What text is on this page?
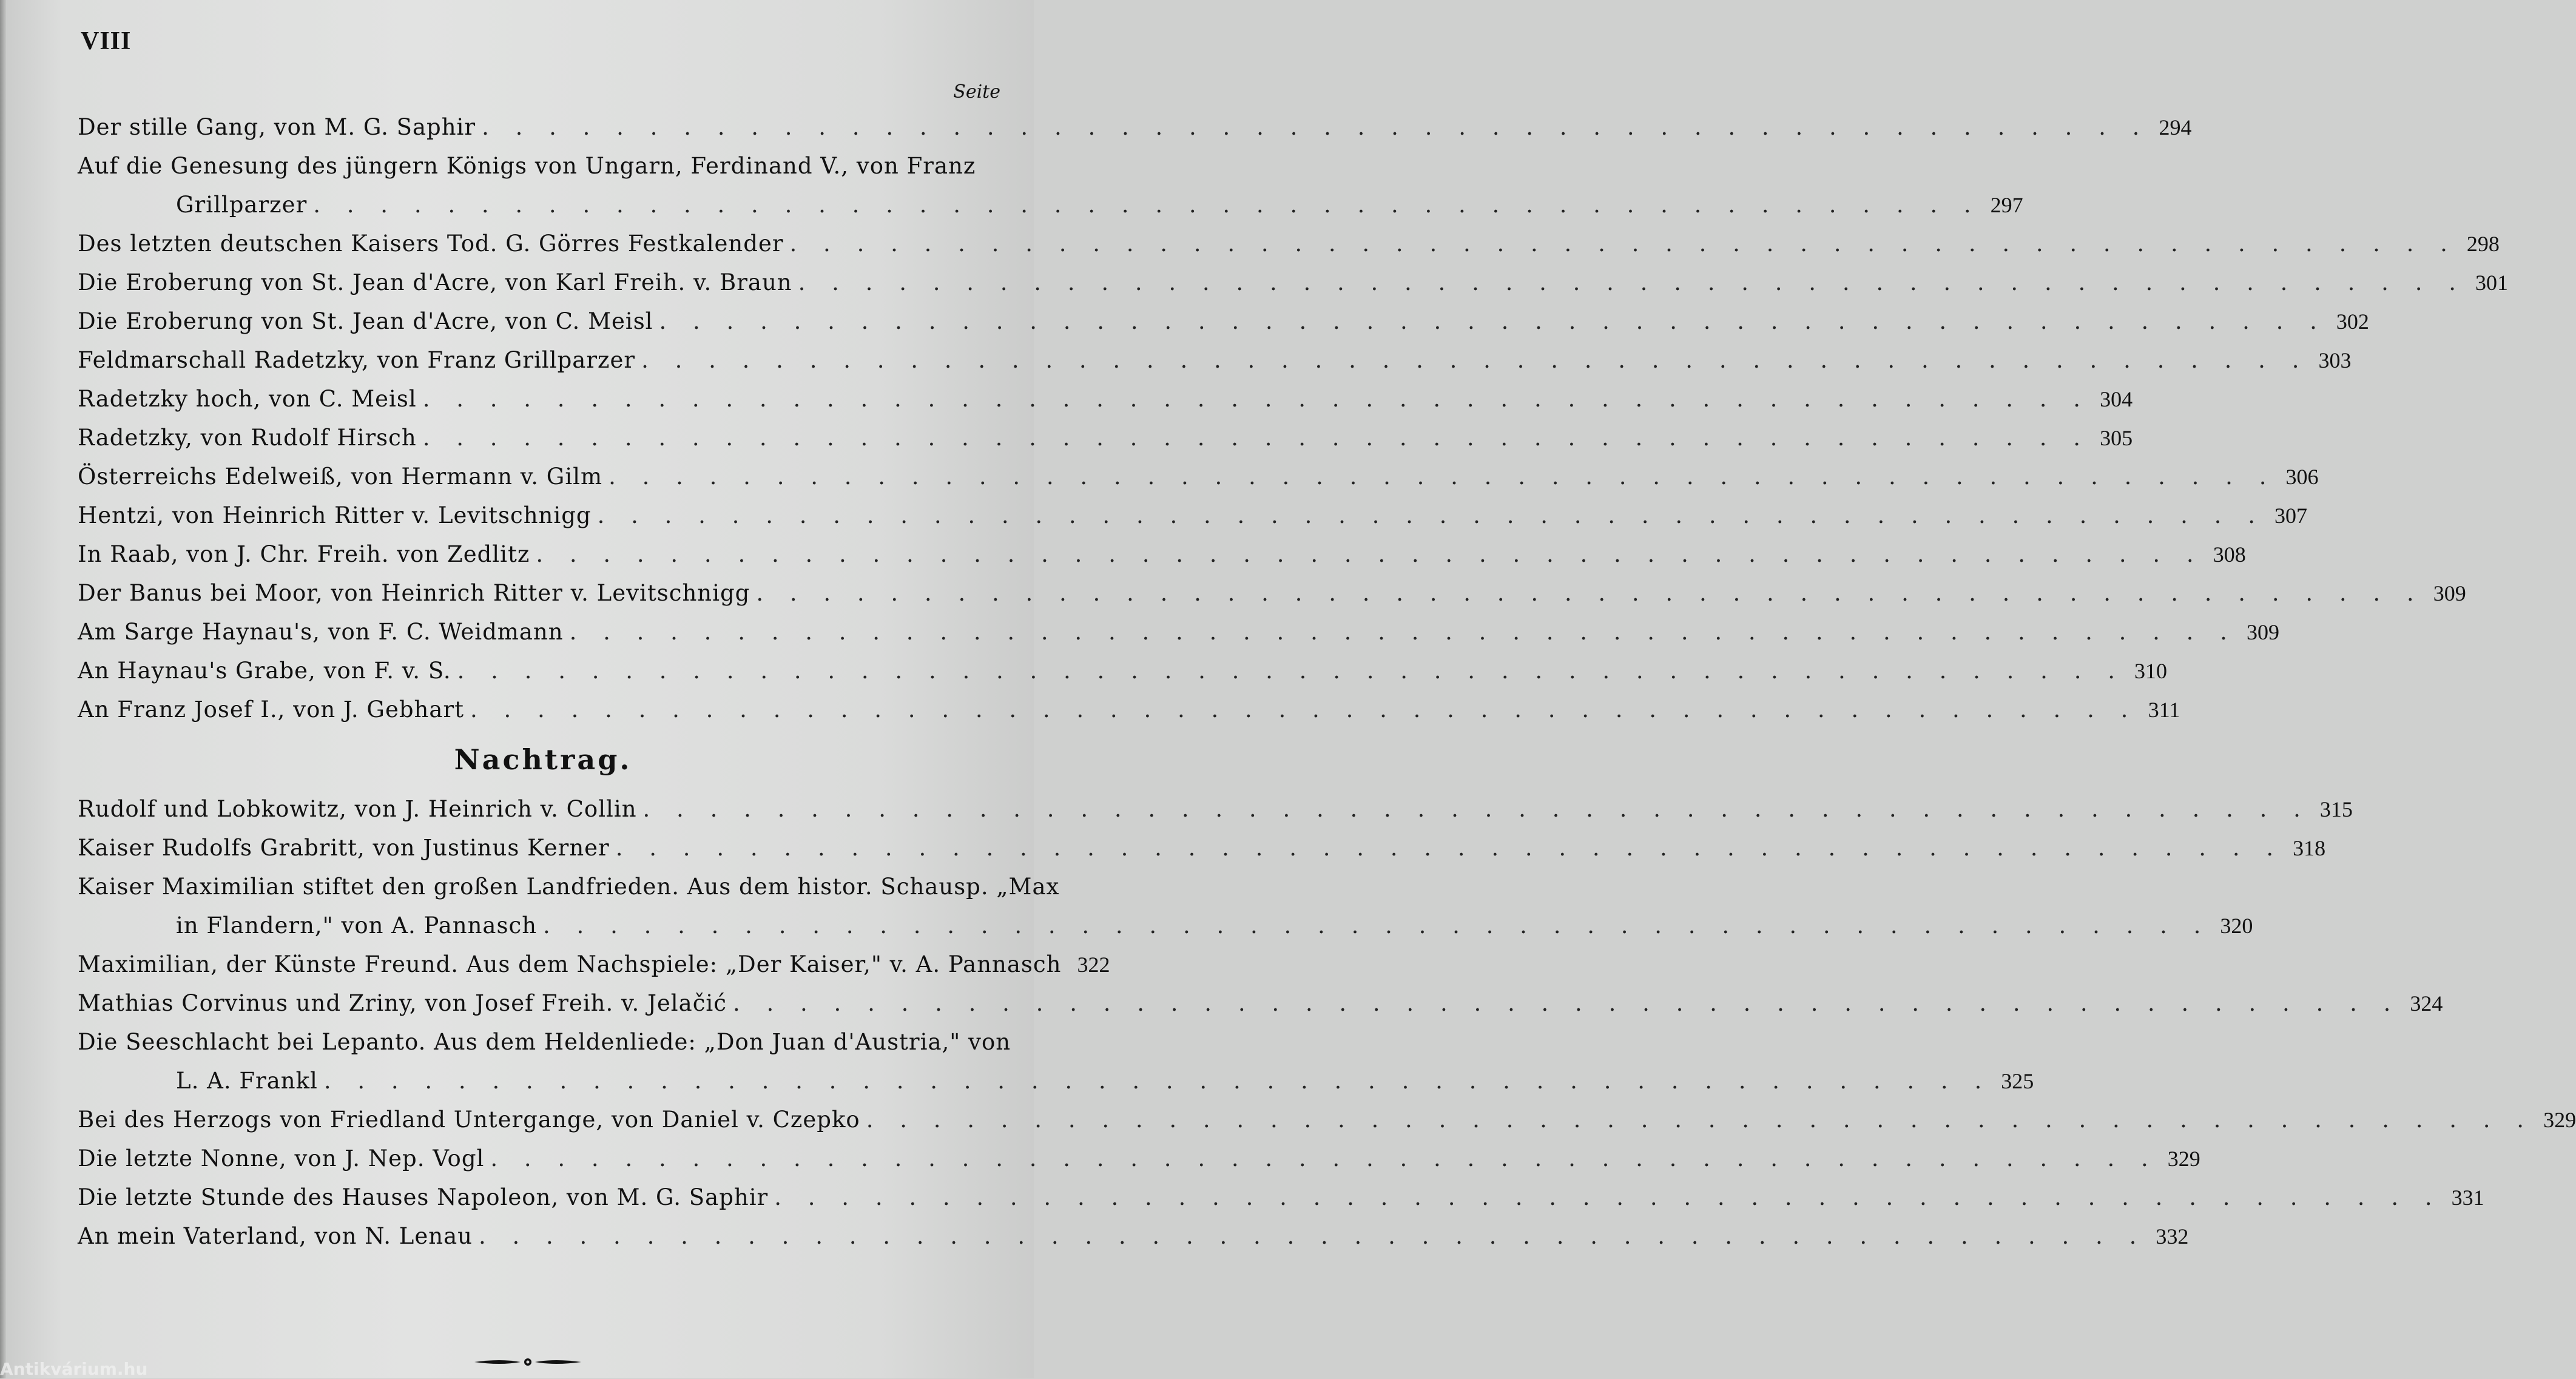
VIII
Seite
Der stille Gang, von M. G. Saphir . . . . . . . . . . . . . . . . . . . . . . . . . . . . . . . . . . . . . . . . . . . . . . . . . . 294
Auf die Genesung des jüngern Königs von Ungarn, Ferdinand V., von Franz
Grillparzer . . . . . . . . . . . . . . . . . . . . . . . . . . . . . . . . . . . . . . . . . . . . . . . . . . 297
Des letzten deutschen Kaisers Tod. G. Görres Festkalender . . . . . . . . . . . . . . . . . . . . . . . . . . . . . . . . . . . . . . . . . . . . . . . . . . 298
Die Eroberung von St. Jean d'Acre, von Karl Freih. v. Braun . . . . . . . . . . . . . . . . . . . . . . . . . . . . . . . . . . . . . . . . . . . . . . . . . . 301
Die Eroberung von St. Jean d'Acre, von C. Meisl . . . . . . . . . . . . . . . . . . . . . . . . . . . . . . . . . . . . . . . . . . . . . . . . . . 302
Feldmarschall Radetzky, von Franz Grillparzer . . . . . . . . . . . . . . . . . . . . . . . . . . . . . . . . . . . . . . . . . . . . . . . . . . 303
Radetzky hoch, von C. Meisl . . . . . . . . . . . . . . . . . . . . . . . . . . . . . . . . . . . . . . . . . . . . . . . . . . 304
Radetzky, von Rudolf Hirsch . . . . . . . . . . . . . . . . . . . . . . . . . . . . . . . . . . . . . . . . . . . . . . . . . . 305
Österreichs Edelweiß, von Hermann v. Gilm . . . . . . . . . . . . . . . . . . . . . . . . . . . . . . . . . . . . . . . . . . . . . . . . . . 306
Hentzi, von Heinrich Ritter v. Levitschnigg . . . . . . . . . . . . . . . . . . . . . . . . . . . . . . . . . . . . . . . . . . . . . . . . . . 307
In Raab, von J. Chr. Freih. von Zedlitz . . . . . . . . . . . . . . . . . . . . . . . . . . . . . . . . . . . . . . . . . . . . . . . . . . 308
Der Banus bei Moor, von Heinrich Ritter v. Levitschnigg . . . . . . . . . . . . . . . . . . . . . . . . . . . . . . . . . . . . . . . . . . . . . . . . . . 309
Am Sarge Haynau's, von F. C. Weidmann . . . . . . . . . . . . . . . . . . . . . . . . . . . . . . . . . . . . . . . . . . . . . . . . . . 309
An Haynau's Grabe, von F. v. S. . . . . . . . . . . . . . . . . . . . . . . . . . . . . . . . . . . . . . . . . . . . . . . . . . . 310
An Franz Josef I., von J. Gebhart . . . . . . . . . . . . . . . . . . . . . . . . . . . . . . . . . . . . . . . . . . . . . . . . . . 311
Nachtrag.
Rudolf und Lobkowitz, von J. Heinrich v. Collin . . . . . . . . . . . . . . . . . . . . . . . . . . . . . . . . . . . . . . . . . . . . . . . . . . 315
Kaiser Rudolfs Grabritt, von Justinus Kerner . . . . . . . . . . . . . . . . . . . . . . . . . . . . . . . . . . . . . . . . . . . . . . . . . . 318
Kaiser Maximilian stiftet den großen Landfrieden. Aus dem histor. Schausp. „Max
in Flandern," von A. Pannasch . . . . . . . . . . . . . . . . . . . . . . . . . . . . . . . . . . . . . . . . . . . . . . . . . . 320
Maximilian, der Künste Freund. Aus dem Nachspiele: „Der Kaiser," v. A. Pannasch 322
Mathias Corvinus und Zriny, von Josef Freih. v. Jelačić . . . . . . . . . . . . . . . . . . . . . . . . . . . . . . . . . . . . . . . . . . . . . . . . . . 324
Die Seeschlacht bei Lepanto. Aus dem Heldenliede: „Don Juan d'Austria," von
L. A. Frankl . . . . . . . . . . . . . . . . . . . . . . . . . . . . . . . . . . . . . . . . . . . . . . . . . . 325
Bei des Herzogs von Friedland Untergange, von Daniel v. Czepko . . . . . . . . . . . . . . . . . . . . . . . . . . . . . . . . . . . . . . . . . . . . . . . . . . 329
Die letzte Nonne, von J. Nep. Vogl . . . . . . . . . . . . . . . . . . . . . . . . . . . . . . . . . . . . . . . . . . . . . . . . . . 329
Die letzte Stunde des Hauses Napoleon, von M. G. Saphir . . . . . . . . . . . . . . . . . . . . . . . . . . . . . . . . . . . . . . . . . . . . . . . . . . 331
An mein Vaterland, von N. Lenau . . . . . . . . . . . . . . . . . . . . . . . . . . . . . . . . . . . . . . . . . . . . . . . . . . 332
Antikvárium.hu
